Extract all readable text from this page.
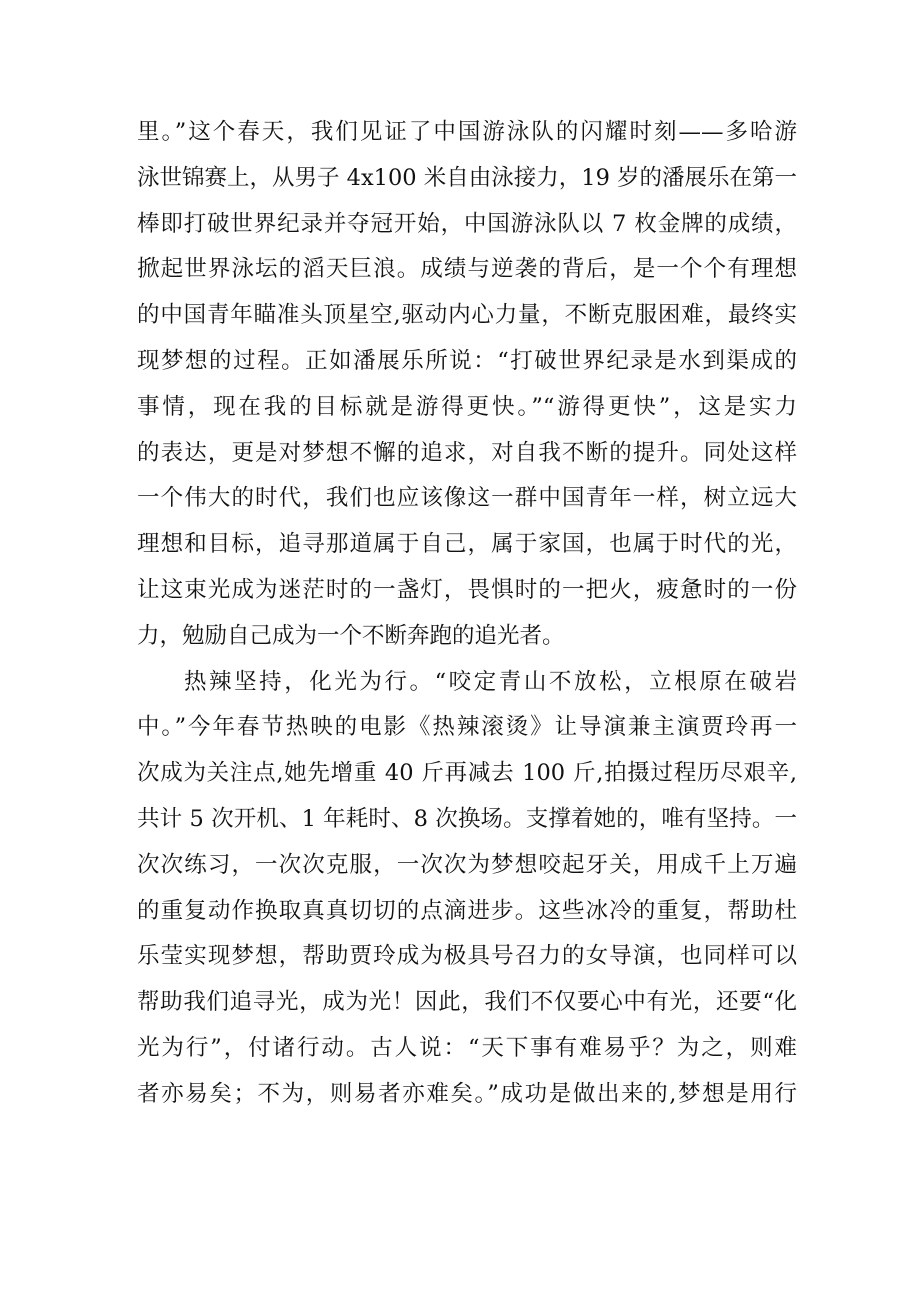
里。”这个春天，我们见证了中国游泳队的闪耀时刻——多哈游
泳世锦赛上，从男子 4x100 米自由泳接力，19 岁的潘展乐在第一
棒即打破世界纪录并夺冠开始，中国游泳队以 7 枚金牌的成绩，
掀起世界泳坛的滔天巨浪。成绩与逆袭的背后，是一个个有理想
的中国青年瞄准头顶星空,驱动内心力量，不断克服困难，最终实
现梦想的过程。正如潘展乐所说：“打破世界纪录是水到渠成的
事情，现在我的目标就是游得更快。”“游得更快”，这是实力
的表达，更是对梦想不懈的追求，对自我不断的提升。同处这样
一个伟大的时代，我们也应该像这一群中国青年一样，树立远大
理想和目标，追寻那道属于自己，属于家国，也属于时代的光，
让这束光成为迷茫时的一盏灯，畏惧时的一把火，疲惫时的一份
力，勉励自己成为一个不断奔跑的追光者。
热辣坚持，化光为行。“咬定青山不放松，立根原在破岩
中。”今年春节热映的电影《热辣滚烫》让导演兼主演贾玲再一
次成为关注点,她先增重 40 斤再减去 100 斤,拍摄过程历尽艰辛,
共计 5 次开机、1 年耗时、8 次换场。支撑着她的，唯有坚持。一
次次练习，一次次克服，一次次为梦想咬起牙关，用成千上万遍
的重复动作换取真真切切的点滴进步。这些冰冷的重复，帮助杜
乐莹实现梦想，帮助贾玲成为极具号召力的女导演，也同样可以
帮助我们追寻光，成为光！因此，我们不仅要心中有光，还要“化
光为行”，付诸行动。古人说：“天下事有难易乎？为之，则难
者亦易矣；不为，则易者亦难矣。”成功是做出来的,梦想是用行
